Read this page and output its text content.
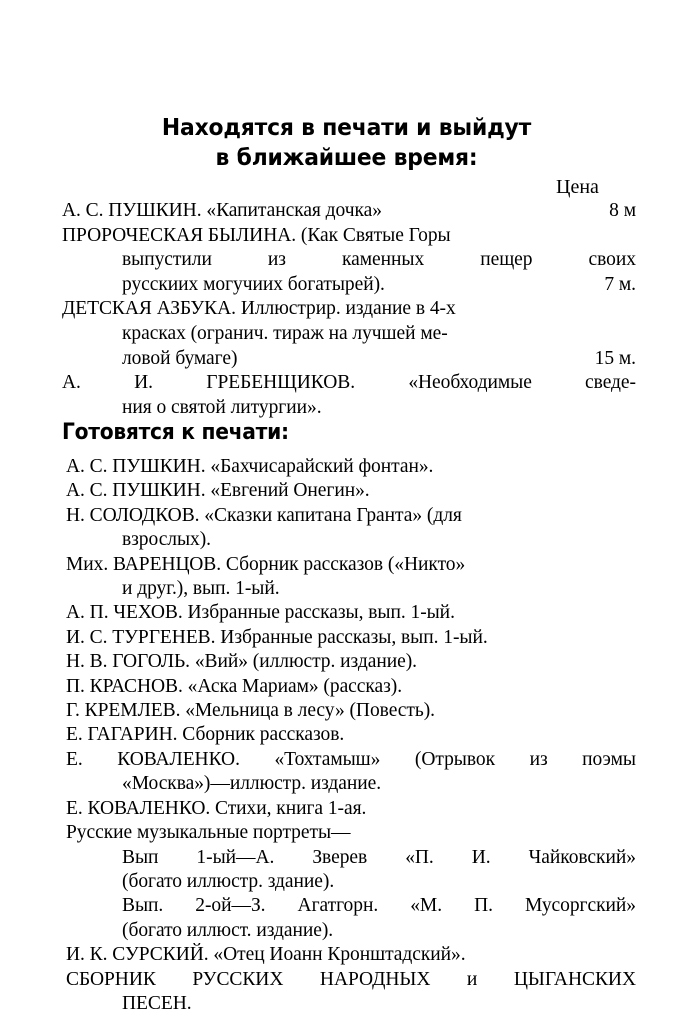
Находятся в печати и выйдут
в ближайшее время:
Цена
А. С. ПУШКИН. «Капитанская дочка»	8 м
ПРОРОЧЕСКАЯ БЫЛИНА. (Как Святые Горы
выпустили	из	каменных	пещер	своих
русскиих могучиих богатырей).	7 м.
ДЕТСКАЯ АЗБУКА. Иллюстрир. издание в 4-х
красках (огранич. тираж на лучшей ме-
ловой бумаге)	15 м.
А.	И.	ГРЕБЕНЩИКОВ.	«Необходимые	сведе-
ния о святой литургии».
Готовятся к печати:
А. С. ПУШКИН. «Бахчисарайский фонтан».
А. С. ПУШКИН. «Евгений Онегин».
Н. СОЛОДКОВ. «Сказки капитана Гранта» (для
взрослых).
Мих. ВАРЕНЦОВ. Сборник рассказов («Никто»
и друг.), вып. 1-ый.
А. П. ЧЕХОВ. Избранные рассказы, вып. 1-ый.
И. С. ТУРГЕНЕВ. Избранные рассказы, вып. 1-ый.
Н. В. ГОГОЛЬ. «Вий» (иллюстр. издание).
П. КРАСНОВ. «Аска Мариам» (рассказ).
Г. КРЕМЛЕВ. «Мельница в лесу» (Повесть).
Е. ГАГАРИН. Сборник рассказов.
Е. КОВАЛЕНКО. «Тохтамыш» (Отрывок из поэмы
«Москва»)—иллюстр. издание.
Е. КОВАЛЕНКО. Стихи, книга 1-ая.
Русские музыкальные портреты—
Вып 1-ый—А. Зверев «П. И. Чайковский»
(богато иллюстр. здание).
Вып. 2-ой—З. Агатгорн. «М. П. Мусоргский»
(богато иллюст. издание).
И. К. СУРСКИЙ. «Отец Иоанн Кронштадский».
СБОРНИК РУССКИХ НАРОДНЫХ и ЦЫГАНСКИХ
ПЕСЕН.
